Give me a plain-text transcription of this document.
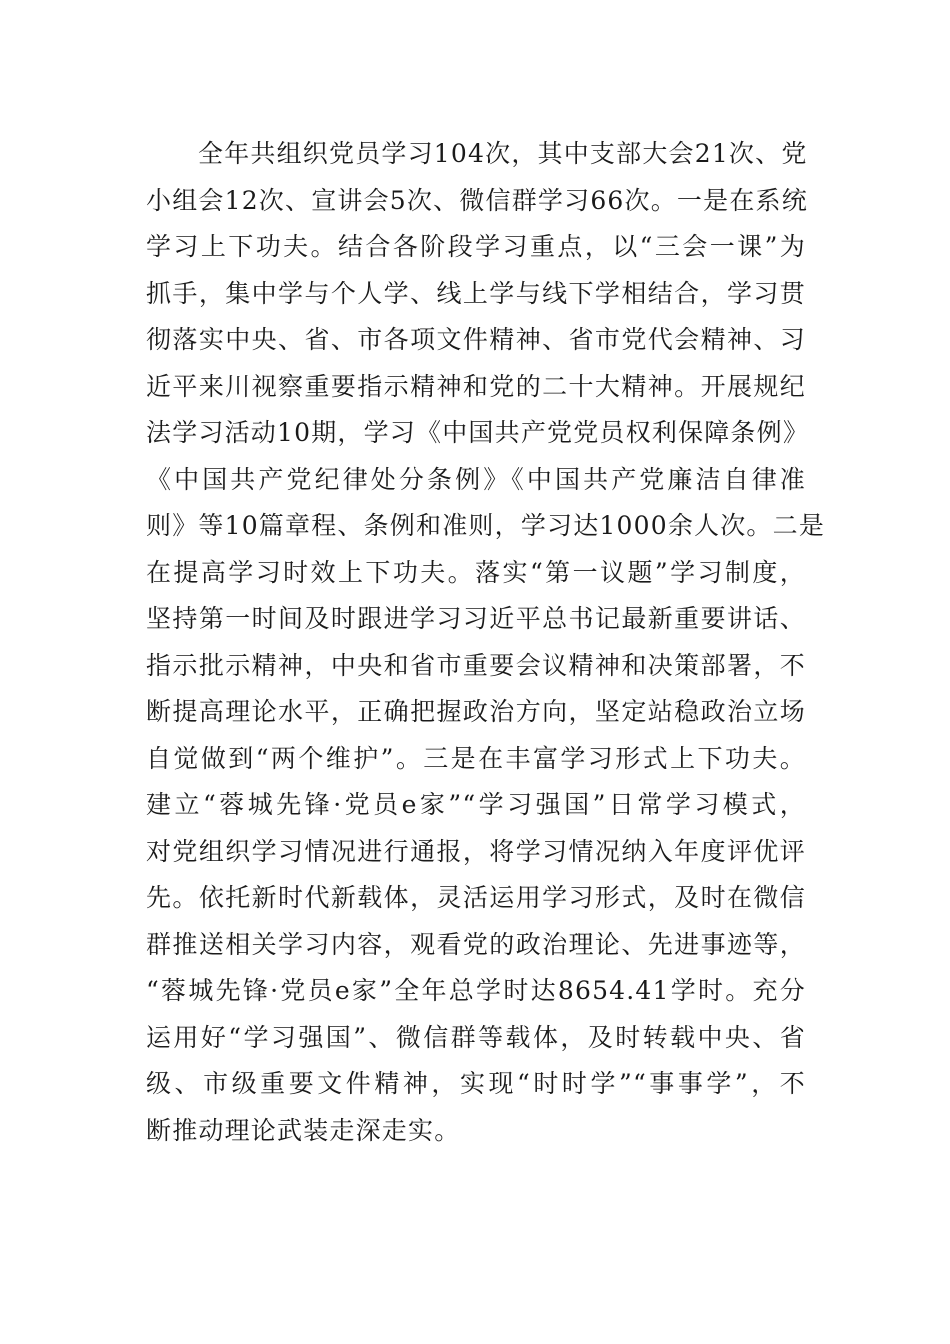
全年共组织党员学习104次，其中支部大会21次、党
小组会12次、宣讲会5次、微信群学习66次。一是在系统
学习上下功夫。结合各阶段学习重点，以“三会一课”为
抓手，集中学与个人学、线上学与线下学相结合，学习贯
彻落实中央、省、市各项文件精神、省市党代会精神、习
近平来川视察重要指示精神和党的二十大精神。开展规纪
法学习活动10期，学习《中国共产党党员权利保障条例》
《中国共产党纪律处分条例》《中国共产党廉洁自律准
则》等10篇章程、条例和准则，学习达1000余人次。二是
在提高学习时效上下功夫。落实“第一议题”学习制度，
坚持第一时间及时跟进学习习近平总书记最新重要讲话、
指示批示精神，中央和省市重要会议精神和决策部署，不
断提高理论水平，正确把握政治方向，坚定站稳政治立场
自觉做到“两个维护”。三是在丰富学习形式上下功夫。
建立“蓉城先锋·党员e家”“学习强国”日常学习模式，
对党组织学习情况进行通报，将学习情况纳入年度评优评
先。依托新时代新载体，灵活运用学习形式，及时在微信
群推送相关学习内容，观看党的政治理论、先进事迹等，
“蓉城先锋·党员e家”全年总学时达8654.41学时。充分
运用好“学习强国”、微信群等载体，及时转载中央、省
级、市级重要文件精神，实现“时时学”“事事学”，不
断推动理论武装走深走实。
